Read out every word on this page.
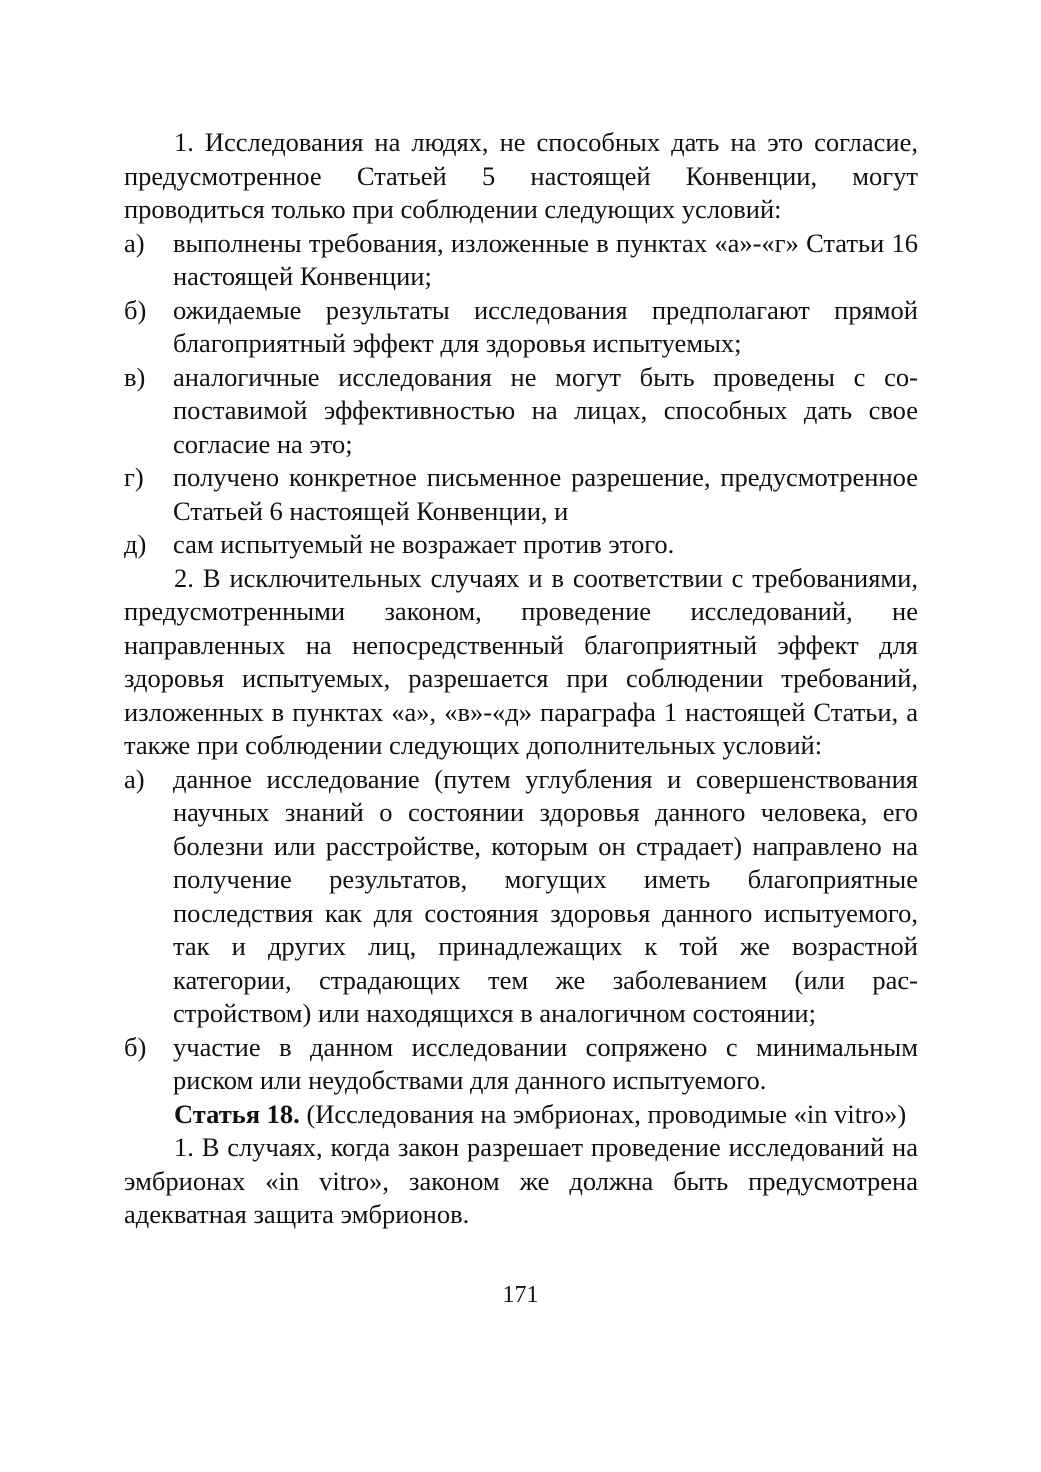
1. Исследования на людях, не способных дать на это согласие, предусмотренное Статьей 5 настоящей Конвенции, могут проводиться только при соблюдении следующих условий:

а)	выполнены требования, изложенные в пунктах «а»-«г» Статьи 16 настоящей Конвенции;
б)	ожидаемые результаты исследования предполагают прямой благоприятный эффект для здоровья испытуемых;
в)	аналогичные исследования не могут быть проведены с сопоставимой эффективностью на лицах, способных дать свое согласие на это;
г)	получено конкретное письменное разрешение, предусмотренное Статьей 6 настоящей Конвенции, и
д)	сам испытуемый не возражает против этого.

2. В исключительных случаях и в соответствии с требованиями, предусмотренными законом, проведение исследований, не направленных на непосредственный благоприятный эффект для здоровья испытуемых, разрешается при соблюдении требований, изложенных в пунктах «а», «в»-«д» параграфа 1 настоящей Статьи, а также при соблюдении следующих дополнительных условий:

а)	данное исследование (путем углубления и совершенствования научных знаний о состоянии здоровья данного человека, его болезни или расстройстве, которым он страдает) направлено на получение результатов, могущих иметь благоприятные последствия как для состояния здоровья данного испытуемого, так и других лиц, принадлежащих к той же возрастной категории, страдающих тем же заболеванием (или расстройством) или находящихся в аналогичном состоянии;
б)	участие в данном исследовании сопряжено с минимальным риском или неудобствами для данного испытуемого.

Статья 18. (Исследования на эмбрионах, проводимые «in vitro»)

1. В случаях, когда закон разрешает проведение исследований на эмбрионах «in vitro», законом же должна быть предусмотрена адекватная защита эмбрионов.

171
